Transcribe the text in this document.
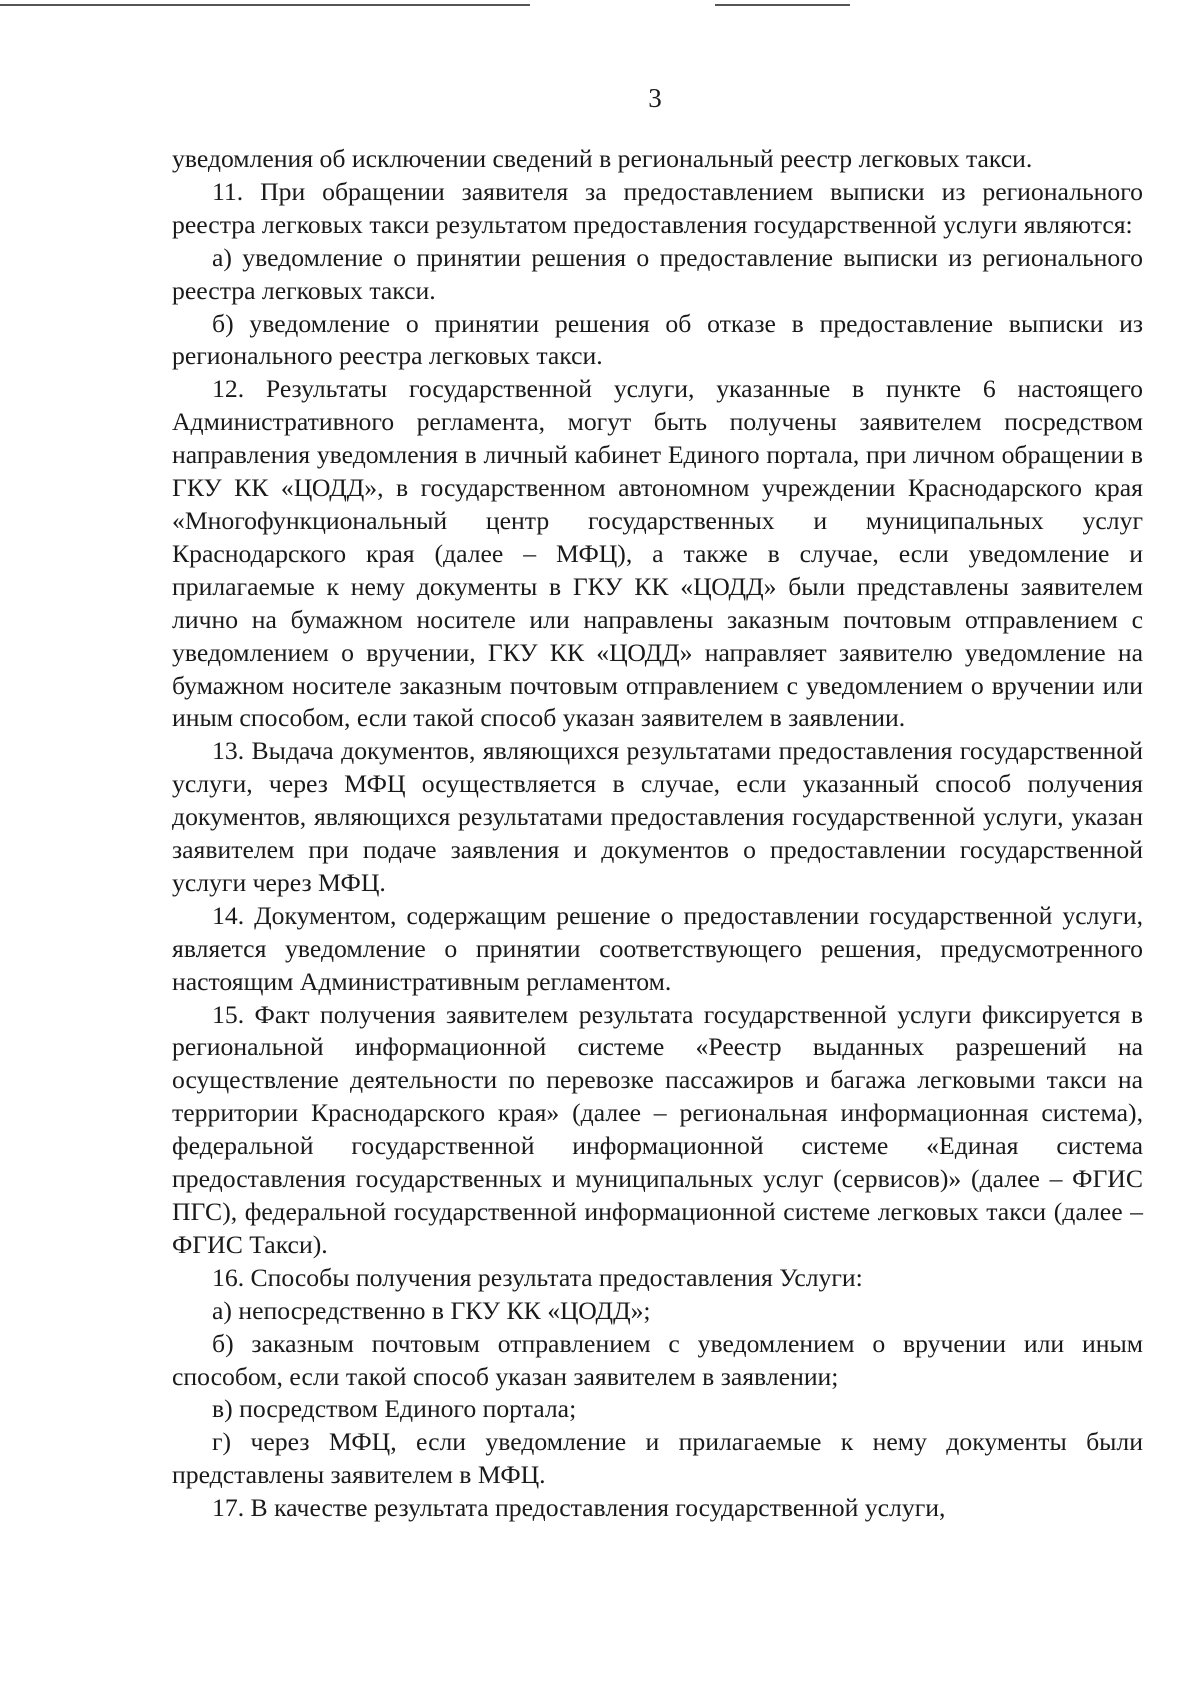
3

уведомления об исключении сведений в региональный реестр легковых такси.

11. При обращении заявителя за предоставлением выписки из регионального реестра легковых такси результатом предоставления государственной услуги являются:

а) уведомление о принятии решения о предоставление выписки из регионального реестра легковых такси.

б) уведомление о принятии решения об отказе в предоставление выписки из регионального реестра легковых такси.

12. Результаты государственной услуги, указанные в пункте 6 настоящего Административного регламента, могут быть получены заявителем посредством направления уведомления в личный кабинет Единого портала, при личном обращении в ГКУ КК «ЦОДД», в государственном автономном учреждении Краснодарского края «Многофункциональный центр государственных и муниципальных услуг Краснодарского края (далее – МФЦ), а также в случае, если уведомление и прилагаемые к нему документы в ГКУ КК «ЦОДД» были представлены заявителем лично на бумажном носителе или направлены заказным почтовым отправлением с уведомлением о вручении, ГКУ КК «ЦОДД» направляет заявителю уведомление на бумажном носителе заказным почтовым отправлением с уведомлением о вручении или иным способом, если такой способ указан заявителем в заявлении.

13. Выдача документов, являющихся результатами предоставления государственной услуги, через МФЦ осуществляется в случае, если указанный способ получения документов, являющихся результатами предоставления государственной услуги, указан заявителем при подаче заявления и документов о предоставлении государственной услуги через МФЦ.

14. Документом, содержащим решение о предоставлении государственной услуги, является уведомление о принятии соответствующего решения, предусмотренного настоящим Административным регламентом.

15. Факт получения заявителем результата государственной услуги фиксируется в региональной информационной системе «Реестр выданных разрешений на осуществление деятельности по перевозке пассажиров и багажа легковыми такси на территории Краснодарского края» (далее – региональная информационная система), федеральной государственной информационной системе «Единая система предоставления государственных и муниципальных услуг (сервисов)» (далее – ФГИС ПГС), федеральной государственной информационной системе легковых такси (далее – ФГИС Такси).

16. Способы получения результата предоставления Услуги:

а) непосредственно в ГКУ КК «ЦОДД»;

б) заказным почтовым отправлением с уведомлением о вручении или иным способом, если такой способ указан заявителем в заявлении;

в) посредством Единого портала;

г) через МФЦ, если уведомление и прилагаемые к нему документы были представлены заявителем в МФЦ.

17. В качестве результата предоставления государственной услуги,
